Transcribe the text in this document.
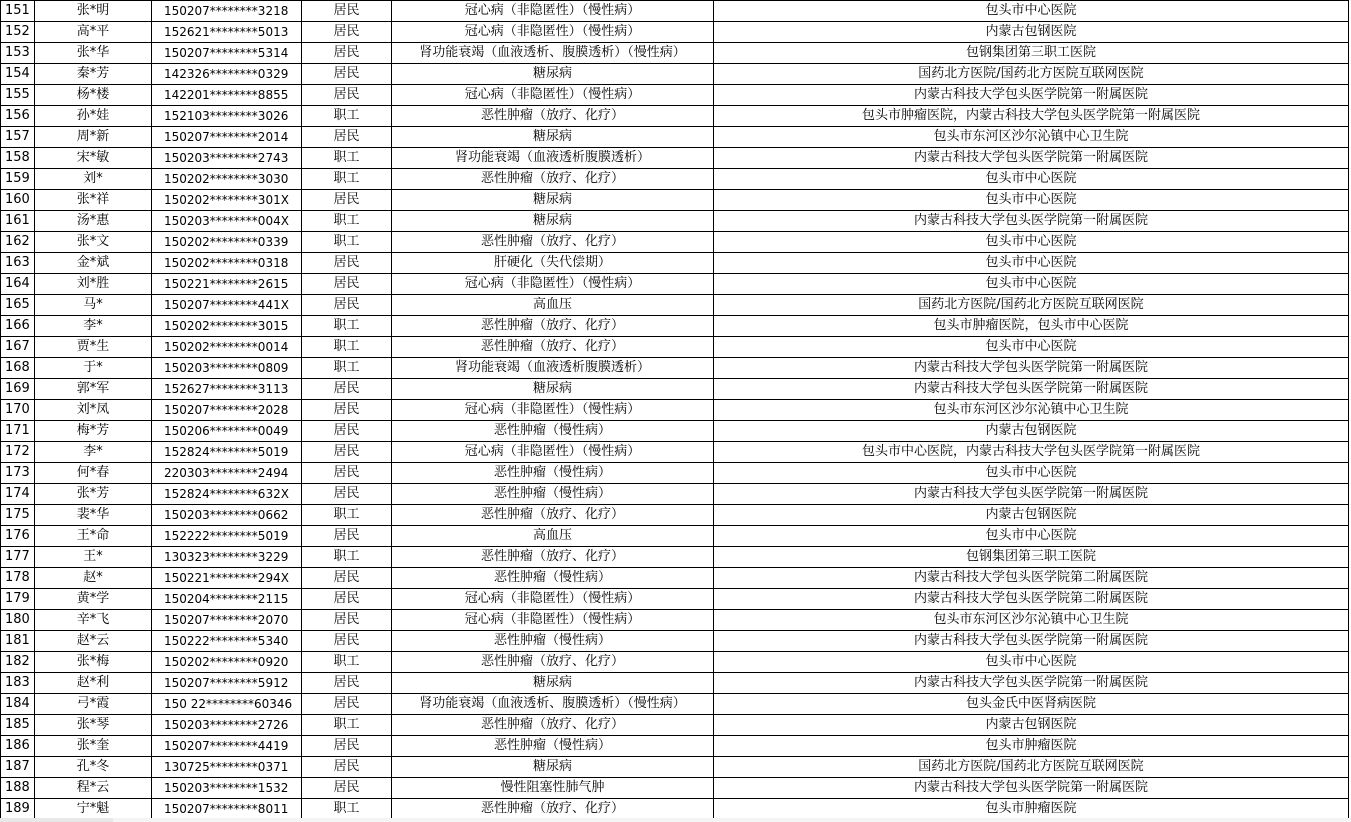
151	张*明	150207********3218	居民	冠心病（非隐匿性）（慢性病）	包头市中心医院
152	高*平	152621********5013	居民	冠心病（非隐匿性）（慢性病）	内蒙古包钢医院
153	张*华	150207********5314	居民	肾功能衰竭（血液透析、腹膜透析）（慢性病）	包钢集团第三职工医院
154	秦*芳	142326********0329	居民	糖尿病	国药北方医院/国药北方医院互联网医院
155	杨*楼	142201********8855	居民	冠心病（非隐匿性）（慢性病）	内蒙古科技大学包头医学院第一附属医院
156	孙*娃	152103********3026	职工	恶性肿瘤（放疗、化疗）	包头市肿瘤医院，内蒙古科技大学包头医学院第一附属医院
157	周*新	150207********2014	居民	糖尿病	包头市东河区沙尔沁镇中心卫生院
158	宋*敏	150203********2743	职工	肾功能衰竭（血液透析腹膜透析）	内蒙古科技大学包头医学院第一附属医院
159	刘*	150202********3030	职工	恶性肿瘤（放疗、化疗）	包头市中心医院
160	张*祥	150202********301X	居民	糖尿病	包头市中心医院
161	汤*惠	150203********004X	职工	糖尿病	内蒙古科技大学包头医学院第一附属医院
162	张*文	150202********0339	职工	恶性肿瘤（放疗、化疗）	包头市中心医院
163	金*斌	150202********0318	居民	肝硬化（失代偿期）	包头市中心医院
164	刘*胜	150221********2615	居民	冠心病（非隐匿性）（慢性病）	包头市中心医院
165	马*	150207********441X	居民	高血压	国药北方医院/国药北方医院互联网医院
166	李*	150202********3015	职工	恶性肿瘤（放疗、化疗）	包头市肿瘤医院，包头市中心医院
167	贾*生	150202********0014	职工	恶性肿瘤（放疗、化疗）	包头市中心医院
168	于*	150203********0809	职工	肾功能衰竭（血液透析腹膜透析）	内蒙古科技大学包头医学院第一附属医院
169	郭*军	152627********3113	居民	糖尿病	内蒙古科技大学包头医学院第一附属医院
170	刘*凤	150207********2028	居民	冠心病（非隐匿性）（慢性病）	包头市东河区沙尔沁镇中心卫生院
171	梅*芳	150206********0049	居民	恶性肿瘤（慢性病）	内蒙古包钢医院
172	李*	152824********5019	居民	冠心病（非隐匿性）（慢性病）	包头市中心医院，内蒙古科技大学包头医学院第一附属医院
173	何*春	220303********2494	居民	恶性肿瘤（慢性病）	包头市中心医院
174	张*芳	152824********632X	居民	恶性肿瘤（慢性病）	内蒙古科技大学包头医学院第一附属医院
175	裴*华	150203********0662	职工	恶性肿瘤（放疗、化疗）	内蒙古包钢医院
176	王*命	152222********5019	居民	高血压	包头市中心医院
177	王*	130323********3229	职工	恶性肿瘤（放疗、化疗）	包钢集团第三职工医院
178	赵*	150221********294X	居民	恶性肿瘤（慢性病）	内蒙古科技大学包头医学院第二附属医院
179	黄*学	150204********2115	居民	冠心病（非隐匿性）（慢性病）	内蒙古科技大学包头医学院第二附属医院
180	辛*飞	150207********2070	居民	冠心病（非隐匿性）（慢性病）	包头市东河区沙尔沁镇中心卫生院
181	赵*云	150222********5340	居民	恶性肿瘤（慢性病）	内蒙古科技大学包头医学院第一附属医院
182	张*梅	150202********0920	职工	恶性肿瘤（放疗、化疗）	包头市中心医院
183	赵*利	150207********5912	居民	糖尿病	内蒙古科技大学包头医学院第一附属医院
184	弓*霞	150 22********60346	居民	肾功能衰竭（血液透析、腹膜透析）（慢性病）	包头金氏中医肾病医院
185	张*琴	150203********2726	职工	恶性肿瘤（放疗、化疗）	内蒙古包钢医院
186	张*奎	150207********4419	居民	恶性肿瘤（慢性病）	包头市肿瘤医院
187	孔*冬	130725********0371	居民	糖尿病	国药北方医院/国药北方医院互联网医院
188	程*云	150203********1532	居民	慢性阻塞性肺气肿	内蒙古科技大学包头医学院第一附属医院
189	宁*魁	150207********8011	职工	恶性肿瘤（放疗、化疗）	包头市肿瘤医院
